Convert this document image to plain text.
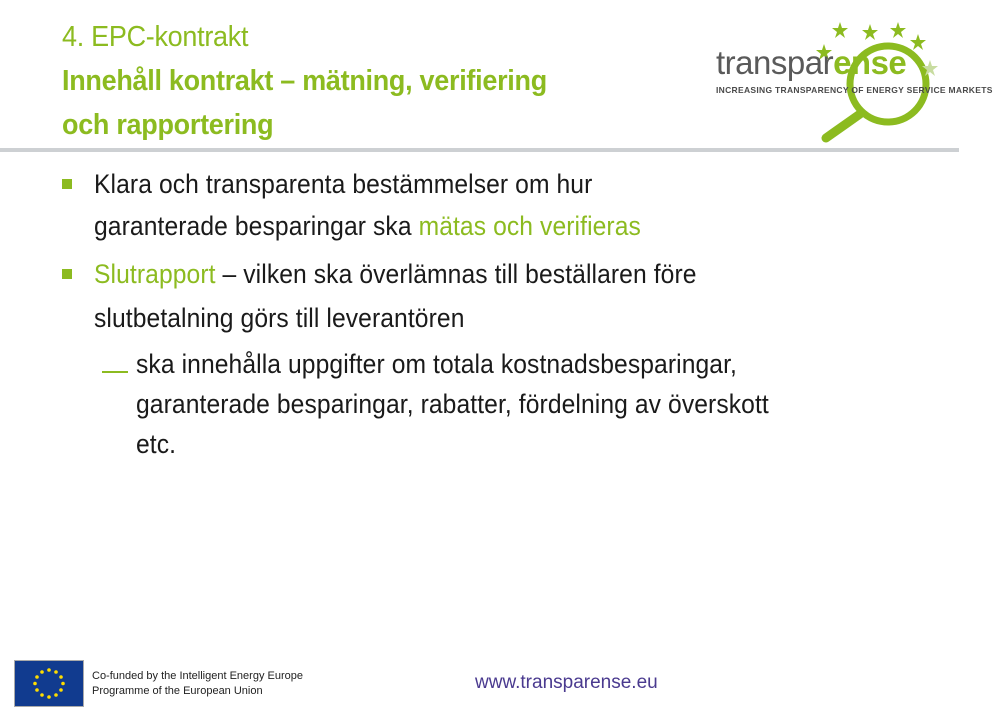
4. EPC-kontrakt
Innehåll kontrakt – mätning, verifiering
och rapportering
transparense
INCREASING TRANSPARENCY OF ENERGY SERVICE MARKETS
Klara och transparenta bestämmelser om hur
garanterade besparingar ska mätas och verifieras
Slutrapport – vilken ska överlämnas till beställaren före
slutbetalning görs till leverantören
ska innehålla uppgifter om totala kostnadsbesparingar,
garanterade besparingar, rabatter, fördelning av överskott
etc.
Co-funded by the Intelligent Energy Europe
Programme of the European Union	www.transparense.eu
